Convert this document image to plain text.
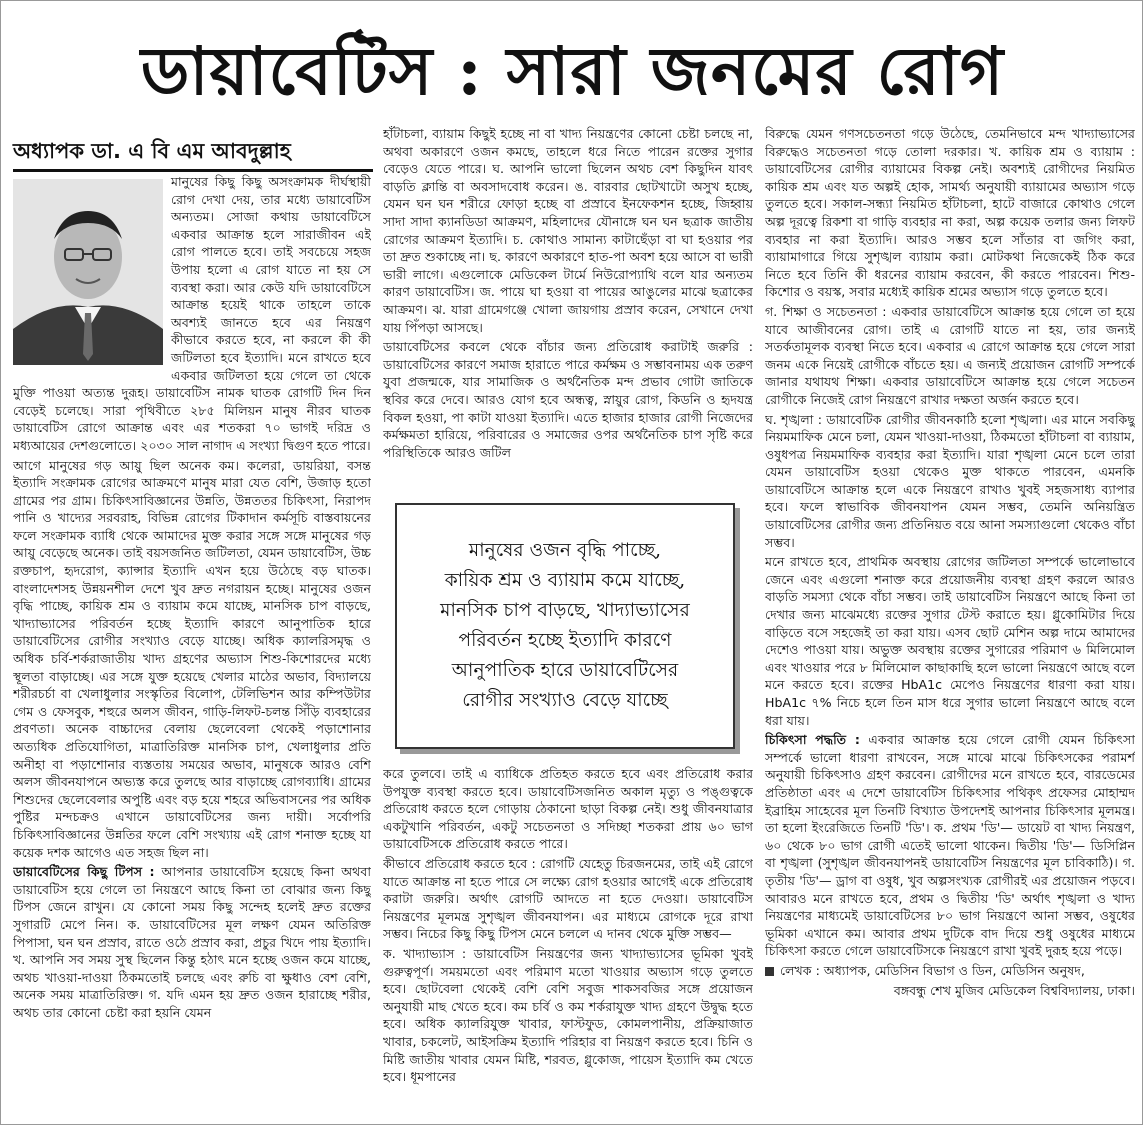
ডায়াবেটিস : সারা জনমের রোগ
অধ্যাপক ডা. এ বি এম আবদুল্লাহ

মানুষের কিছু কিছু অসংক্রামক দীর্ঘস্থায়ী রোগ দেখা দেয়, তার মধ্যে ডায়াবেটিস অন্যতম। সোজা কথায় ডায়াবেটিসে একবার আক্রান্ত হলে সারাজীবন এই রোগ পালতে হবে। তাই সবচেয়ে সহজ উপায় হলো এ রোগ যাতে না হয় সে ব্যবস্থা করা। আর কেউ যদি ডায়াবেটিসে আক্রান্ত হয়েই থাকে তাহলে তাকে অবশ্যই জানতে হবে এর নিয়ন্ত্রণ কীভাবে করতে হবে, না করলে কী কী জটিলতা হবে ইত্যাদি। মনে রাখতে হবে একবার জটিলতা হয়ে গেলে তা থেকে মুক্তি পাওয়া অত্যন্ত দুরূহ। ডায়াবেটিস নামক ঘাতক রোগটি দিন দিন বেড়েই চলেছে। সারা পৃথিবীতে ২৮৫ মিলিয়ন মানুষ নীরব ঘাতক ডায়াবেটিস রোগে আক্রান্ত এবং এর শতকরা ৭০ ভাগই দরিদ্র ও মধ্যআয়ের দেশগুলোতে। ২০৩০ সাল নাগাদ এ সংখ্যা দ্বিগুণ হতে পারে।

আগে মানুষের গড় আয়ু ছিল অনেক কম। কলেরা, ডায়রিয়া, বসন্ত ইত্যাদি সংক্রামক রোগের আক্রমণে মানুষ মারা যেত বেশি, উজাড় হতো গ্রামের পর গ্রাম। চিকিৎসাবিজ্ঞানের উন্নতি, উন্নততর চিকিৎসা, নিরাপদ পানি ও খাদ্যের সরবরাহ, বিভিন্ন রোগের টিকাদান কর্মসূচি বাস্তবায়নের ফলে সংক্রামক ব্যাধি থেকে আমাদের মুক্ত করার সঙ্গে সঙ্গে মানুষের গড় আয়ু বেড়েছে অনেক। তাই বয়সজনিত জটিলতা, যেমন ডায়াবেটিস, উচ্চ রক্তচাপ, হৃদরোগ, ক্যান্সার ইত্যাদি এখন হয়ে উঠেছে বড় ঘাতক। বাংলাদেশসহ উন্নয়নশীল দেশে খুব দ্রুত নগরায়ন হচ্ছে। মানুষের ওজন বৃদ্ধি পাচ্ছে, কায়িক শ্রম ও ব্যায়াম কমে যাচ্ছে, মানসিক চাপ বাড়ছে, খাদ্যাভ্যাসের পরিবর্তন হচ্ছে ইত্যাদি কারণে আনুপাতিক হারে ডায়াবেটিসের রোগীর সংখ্যাও বেড়ে যাচ্ছে। অধিক ক্যালরিসমৃদ্ধ ও অধিক চর্বি-শর্করাজাতীয় খাদ্য গ্রহণের অভ্যাস শিশু-কিশোরদের মধ্যে স্থূলতা বাড়াচ্ছে। এর সঙ্গে যুক্ত হয়েছে খেলার মাঠের অভাব, বিদ্যালয়ে শরীরচর্চা বা খেলাধুলার সংস্কৃতির বিলোপ, টেলিভিশন আর কম্পিউটার গেম ও ফেসবুক, শহুরে অলস জীবন, গাড়ি-লিফট-চলন্ত সিঁড়ি ব্যবহারের প্রবণতা। অনেক বাচ্চাদের বেলায় ছেলেবেলা থেকেই পড়াশোনার অত্যধিক প্রতিযোগিতা, মাত্রাতিরিক্ত মানসিক চাপ, খেলাধুলার প্রতি অনীহা বা পড়াশোনার ব্যস্ততায় সময়ের অভাব, মানুষকে আরও বেশি অলস জীবনযাপনে অভ্যস্ত করে তুলছে আর বাড়াচ্ছে রোগব্যাধি। গ্রামের শিশুদের ছেলেবেলার অপুষ্টি এবং বড় হয়ে শহরে অভিবাসনের পর অধিক পুষ্টির মন্দচক্রও এখানে ডায়াবেটিসের জন্য দায়ী। সর্বোপরি চিকিৎসাবিজ্ঞানের উন্নতির ফলে বেশি সংখ্যায় এই রোগ শনাক্ত হচ্ছে যা কয়েক দশক আগেও এত সহজ ছিল না।

ডায়াবেটিসের কিছু টিপস : আপনার ডায়াবেটিস হয়েছে কিনা অথবা ডায়াবেটিস হয়ে গেলে তা নিয়ন্ত্রণে আছে কিনা তা বোঝার জন্য কিছু টিপস জেনে রাখুন। যে কোনো সময় কিছু সন্দেহ হলেই দ্রুত রক্তের সুগারটি মেপে নিন। ক. ডায়াবেটিসের মূল লক্ষণ যেমন অতিরিক্ত পিপাসা, ঘন ঘন প্রস্রাব, রাতে ওঠে প্রস্রাব করা, প্রচুর খিদে পায় ইত্যাদি। খ. আপনি সব সময় সুস্থ ছিলেন কিন্তু হঠাৎ মনে হচ্ছে ওজন কমে যাচ্ছে, অথচ খাওয়া-দাওয়া ঠিকমতোই চলছে এবং রুচি বা ক্ষুধাও বেশ বেশি, অনেক সময় মাত্রাতিরিক্ত। গ. যদি এমন হয় দ্রুত ওজন হারাচ্ছে শরীর, অথচ তার কোনো চেষ্টা করা হয়নি যেমন

হাঁটাচলা, ব্যায়াম কিছুই হচ্ছে না বা খাদ্য নিয়ন্ত্রণের কোনো চেষ্টা চলছে না, অথবা অকারণে ওজন কমছে, তাহলে ধরে নিতে পারেন রক্তের সুগার বেড়েও যেতে পারে। ঘ. আপনি ভালো ছিলেন অথচ বেশ কিছুদিন যাবৎ বাড়তি ক্লান্তি বা অবসাদবোধ করেন। ঙ. বারবার ছোটখাটো অসুখ হচ্ছে, যেমন ঘন ঘন শরীরে ফোড়া হচ্ছে বা প্রস্রাবে ইনফেকশন হচ্ছে, জিহ্বায় সাদা সাদা ক্যানডিডা আক্রমণ, মহিলাদের যৌনাঙ্গে ঘন ঘন ছত্রাক জাতীয় রোগের আক্রমণ ইত্যাদি। চ. কোথাও সামান্য কাটাছেঁড়া বা ঘা হওয়ার পর তা দ্রুত শুকাচ্ছে না। ছ. কারণে অকারণে হাত-পা অবশ হয়ে আসে বা ভারী ভারী লাগে। এগুলোকে মেডিকেল টার্মে নিউরোপ্যাথি বলে যার অন্যতম কারণ ডায়াবেটিস। জ. পায়ে ঘা হওয়া বা পায়ের আঙুলের মাঝে ছত্রাকের আক্রমণ। ঝ. যারা গ্রামেগঞ্জে খোলা জায়গায় প্রস্রাব করেন, সেখানে দেখা যায় পিঁপড়া আসছে।

ডায়াবেটিসের কবলে থেকে বাঁচার জন্য প্রতিরোধ করাটাই জরুরি : ডায়াবেটিসের কারণে সমাজ হারাতে পারে কর্মক্ষম ও সম্ভাবনাময় এক তরুণ যুবা প্রজন্মকে, যার সামাজিক ও অর্থনৈতিক মন্দ প্রভাব গোটা জাতিকে স্থবির করে দেবে। আরও যোগ হবে অন্ধত্ব, স্নায়ুর রোগ, কিডনি ও হৃদযন্ত্র বিকল হওয়া, পা কাটা যাওয়া ইত্যাদি। এতে হাজার হাজার রোগী নিজেদের কর্মক্ষমতা হারিয়ে, পরিবারের ও সমাজের ওপর অর্থনৈতিক চাপ সৃষ্টি করে পরিস্থিতিকে আরও জটিল

মানুষের ওজন বৃদ্ধি পাচ্ছে,
কায়িক শ্রম ও ব্যায়াম কমে যাচ্ছে,
মানসিক চাপ বাড়ছে, খাদ্যাভ্যাসের
পরিবর্তন হচ্ছে ইত্যাদি কারণে
আনুপাতিক হারে ডায়াবেটিসের
রোগীর সংখ্যাও বেড়ে যাচ্ছে

করে তুলবে। তাই এ ব্যাধিকে প্রতিহত করতে হবে এবং প্রতিরোধ করার উপযুক্ত ব্যবস্থা করতে হবে। ডায়াবেটিসজনিত অকাল মৃত্যু ও পঙ্গুত্বকে প্রতিরোধ করতে হলে গোড়ায় ঠেকানো ছাড়া বিকল্প নেই। শুধু জীবনযাত্রার একটুখানি পরিবর্তন, একটু সচেতনতা ও সদিচ্ছা শতকরা প্রায় ৬০ ভাগ ডায়াবেটিসকে প্রতিরোধ করতে পারে।

কীভাবে প্রতিরোধ করতে হবে : রোগটি যেহেতু চিরজনমের, তাই এই রোগে যাতে আক্রান্ত না হতে পারে সে লক্ষ্যে রোগ হওয়ার আগেই একে প্রতিরোধ করাটা জরুরি। অর্থাৎ রোগটি আদতে না হতে দেওয়া। ডায়াবেটিস নিয়ন্ত্রণের মূলমন্ত্র সুশৃঙ্খল জীবনযাপন। এর মাধ্যমে রোগকে দূরে রাখা সম্ভব। নিচের কিছু কিছু টিপস মেনে চললে এ দানব থেকে মুক্তি সম্ভব—

ক. খাদ্যাভ্যাস : ডায়াবেটিস নিয়ন্ত্রণের জন্য খাদ্যাভ্যাসের ভূমিকা খুবই গুরুত্বপূর্ণ। সময়মতো এবং পরিমাণ মতো খাওয়ার অভ্যাস গড়ে তুলতে হবে। ছোটবেলা থেকেই বেশি বেশি সবুজ শাকসবজির সঙ্গে প্রয়োজন অনুযায়ী মাছ খেতে হবে। কম চর্বি ও কম শর্করাযুক্ত খাদ্য গ্রহণে উদ্বুদ্ধ হতে হবে। অধিক ক্যালরিযুক্ত খাবার, ফাস্টফুড, কোমলপানীয়, প্রক্রিয়াজাত খাবার, চকলেট, আইসক্রিম ইত্যাদি পরিহার বা নিয়ন্ত্রণ করতে হবে। চিনি ও মিষ্টি জাতীয় খাবার যেমন মিষ্টি, শরবত, গ্লুকোজ, পায়েস ইত্যাদি কম খেতে হবে। ধূমপানের

বিরুদ্ধে যেমন গণসচেতনতা গড়ে উঠেছে, তেমনিভাবে মন্দ খাদ্যাভ্যাসের বিরুদ্ধেও সচেতনতা গড়ে তোলা দরকার। খ. কায়িক শ্রম ও ব্যায়াম : ডায়াবেটিসের রোগীর ব্যায়ামের বিকল্প নেই। অবশ্যই রোগীদের নিয়মিত কায়িক শ্রম এবং যত অল্পই হোক, সামর্থ্য অনুযায়ী ব্যায়ামের অভ্যাস গড়ে তুলতে হবে। সকাল-সন্ধ্যা নিয়মিত হাঁটাচলা, হাটে বাজারে কোথাও গেলে অল্প দূরত্বে রিকশা বা গাড়ি ব্যবহার না করা, অল্প কয়েক তলার জন্য লিফট ব্যবহার না করা ইত্যাদি। আরও সম্ভব হলে সাঁতার বা জগিং করা, ব্যায়ামাগারে গিয়ে সুশৃঙ্খল ব্যায়াম করা। মোটকথা নিজেকেই ঠিক করে নিতে হবে তিনি কী ধরনের ব্যায়াম করবেন, কী করতে পারবেন। শিশু-কিশোর ও বয়স্ক, সবার মধ্যেই কায়িক শ্রমের অভ্যাস গড়ে তুলতে হবে।

গ. শিক্ষা ও সচেতনতা : একবার ডায়াবেটিসে আক্রান্ত হয়ে গেলে তা হয়ে যাবে আজীবনের রোগ। তাই এ রোগটি যাতে না হয়, তার জন্যই সতর্কতামূলক ব্যবস্থা নিতে হবে। একবার এ রোগে আক্রান্ত হয়ে গেলে সারা জনম একে নিয়েই রোগীকে বাঁচতে হয়। এ জন্যই প্রয়োজন রোগটি সম্পর্কে জানার যথাযথ শিক্ষা। একবার ডায়াবেটিসে আক্রান্ত হয়ে গেলে সচেতন রোগীকে নিজেই রোগ নিয়ন্ত্রণে রাখার দক্ষতা অর্জন করতে হবে।

ঘ. শৃঙ্খলা : ডায়াবেটিক রোগীর জীবনকাঠি হলো শৃঙ্খলা। এর মানে সবকিছু নিয়মমাফিক মেনে চলা, যেমন খাওয়া-দাওয়া, ঠিকমতো হাঁটাচলা বা ব্যায়াম, ওষুধপত্র নিয়মমাফিক ব্যবহার করা ইত্যাদি। যারা শৃঙ্খলা মেনে চলে তারা যেমন ডায়াবেটিস হওয়া থেকেও মুক্ত থাকতে পারবেন, এমনকি ডায়াবেটিসে আক্রান্ত হলে একে নিয়ন্ত্রণে রাখাও খুবই সহজসাধ্য ব্যাপার হবে। ফলে স্বাভাবিক জীবনযাপন যেমন সম্ভব, তেমনি অনিয়ন্ত্রিত ডায়াবেটিসের রোগীর জন্য প্রতিনিয়ত বয়ে আনা সমস্যাগুলো থেকেও বাঁচা সম্ভব।

মনে রাখতে হবে, প্রাথমিক অবস্থায় রোগের জটিলতা সম্পর্কে ভালোভাবে জেনে এবং এগুলো শনাক্ত করে প্রয়োজনীয় ব্যবস্থা গ্রহণ করলে আরও বাড়তি সমস্যা থেকে বাঁচা সম্ভব। তাই ডায়াবেটিস নিয়ন্ত্রণে আছে কিনা তা দেখার জন্য মাঝেমধ্যে রক্তের সুগার টেস্ট করাতে হয়। গ্লুকোমিটার দিয়ে বাড়িতে বসে সহজেই তা করা যায়। এসব ছোট মেশিন অল্প দামে আমাদের দেশেও পাওয়া যায়। অভুক্ত অবস্থায় রক্তের সুগারের পরিমাণ ৬ মিলিমোল এবং খাওয়ার পরে ৮ মিলিমোল কাছাকাছি হলে ভালো নিয়ন্ত্রণে আছে বলে মনে করতে হবে। রক্তের HbA1c মেপেও নিয়ন্ত্রণের ধারণা করা যায়। HbA1c ৭% নিচে হলে তিন মাস ধরে সুগার ভালো নিয়ন্ত্রণে আছে বলে ধরা যায়।

চিকিৎসা পদ্ধতি : একবার আক্রান্ত হয়ে গেলে রোগী যেমন চিকিৎসা সম্পর্কে ভালো ধারণা রাখবেন, সঙ্গে মাঝে মাঝে চিকিৎসকের পরামর্শ অনুযায়ী চিকিৎসাও গ্রহণ করবেন। রোগীদের মনে রাখতে হবে, বারডেমের প্রতিষ্ঠাতা এবং এ দেশে ডায়াবেটিস চিকিৎসার পথিকৃৎ প্রফেসর মোহাম্মদ ইব্রাহিম সাহেবের মূল তিনটি বিখ্যাত উপদেশই আপনার চিকিৎসার মূলমন্ত্র। তা হলো ইংরেজিতে তিনটি 'ডি'। ক. প্রথম 'ডি'— ডায়েট বা খাদ্য নিয়ন্ত্রণ, ৬০ থেকে ৮০ ভাগ রোগী এতেই ভালো থাকেন। দ্বিতীয় 'ডি'— ডিসিপ্লিন বা শৃঙ্খলা (সুশৃঙ্খল জীবনযাপনই ডায়াবেটিস নিয়ন্ত্রণের মূল চাবিকাঠি)। গ. তৃতীয় 'ডি'— ড্রাগ বা ওষুধ, খুব অল্পসংখ্যক রোগীরই এর প্রয়োজন পড়বে। আবারও মনে রাখতে হবে, প্রথম ও দ্বিতীয় 'ডি' অর্থাৎ শৃঙ্খলা ও খাদ্য নিয়ন্ত্রণের মাধ্যমেই ডায়াবেটিসের ৮০ ভাগ নিয়ন্ত্রণে আনা সম্ভব, ওষুধের ভূমিকা এখানে কম। আবার প্রথম দুটিকে বাদ দিয়ে শুধু ওষুধের মাধ্যমে চিকিৎসা করতে গেলে ডায়াবেটিসকে নিয়ন্ত্রণে রাখা খুবই দুরূহ হয়ে পড়ে।

লেখক : অধ্যাপক, মেডিসিন বিভাগ ও ডিন, মেডিসিন অনুষদ,

বঙ্গবন্ধু শেখ মুজিব মেডিকেল বিশ্ববিদ্যালয়, ঢাকা।
